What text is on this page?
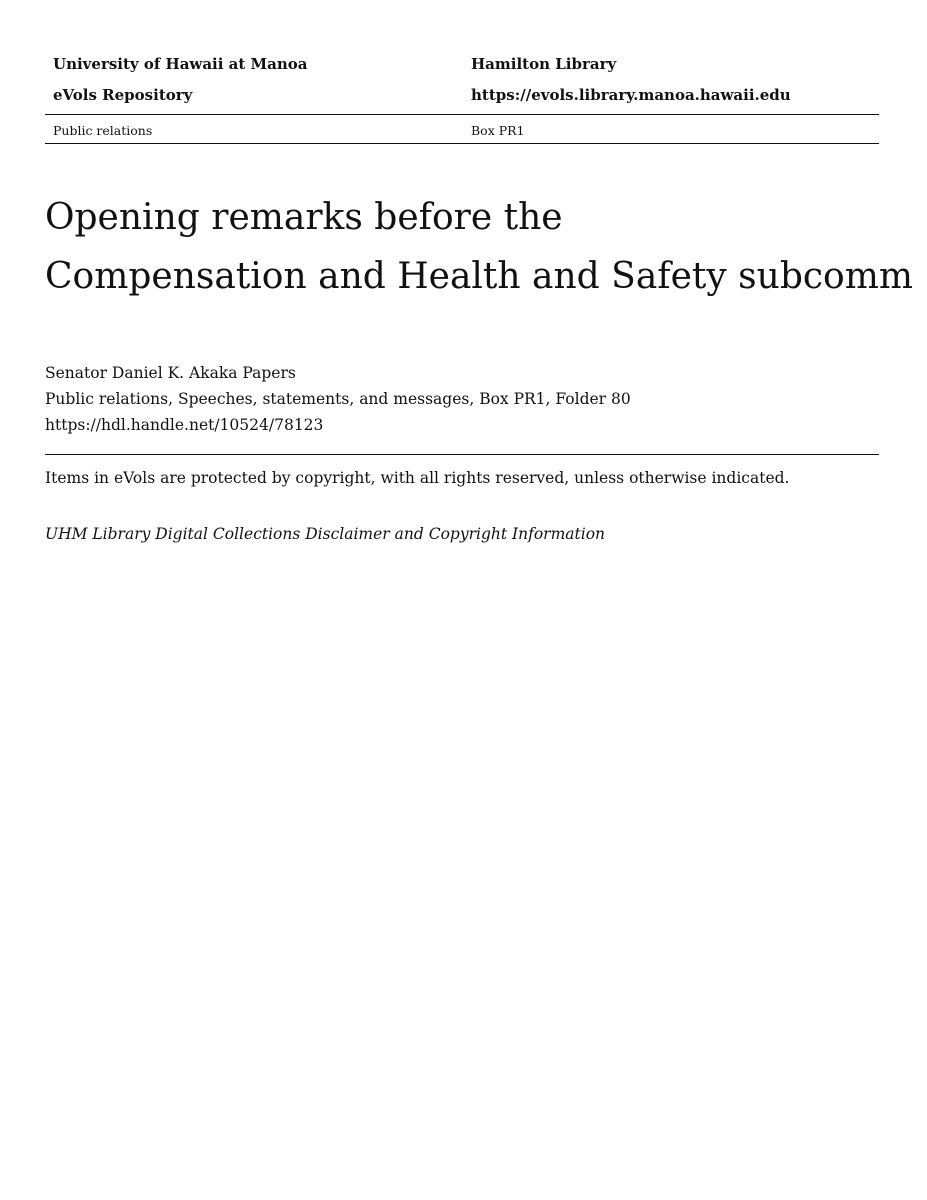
University of Hawaii at Manoa	Hamilton Library
eVols Repository	https://evols.library.manoa.hawaii.edu
Public relations	Box PR1
Opening remarks before the
Compensation and Health and Safety subcomm
Senator Daniel K. Akaka Papers
Public relations, Speeches, statements, and messages, Box PR1, Folder 80
https://hdl.handle.net/10524/78123
Items in eVols are protected by copyright, with all rights reserved, unless otherwise indicated.
UHM Library Digital Collections Disclaimer and Copyright Information
